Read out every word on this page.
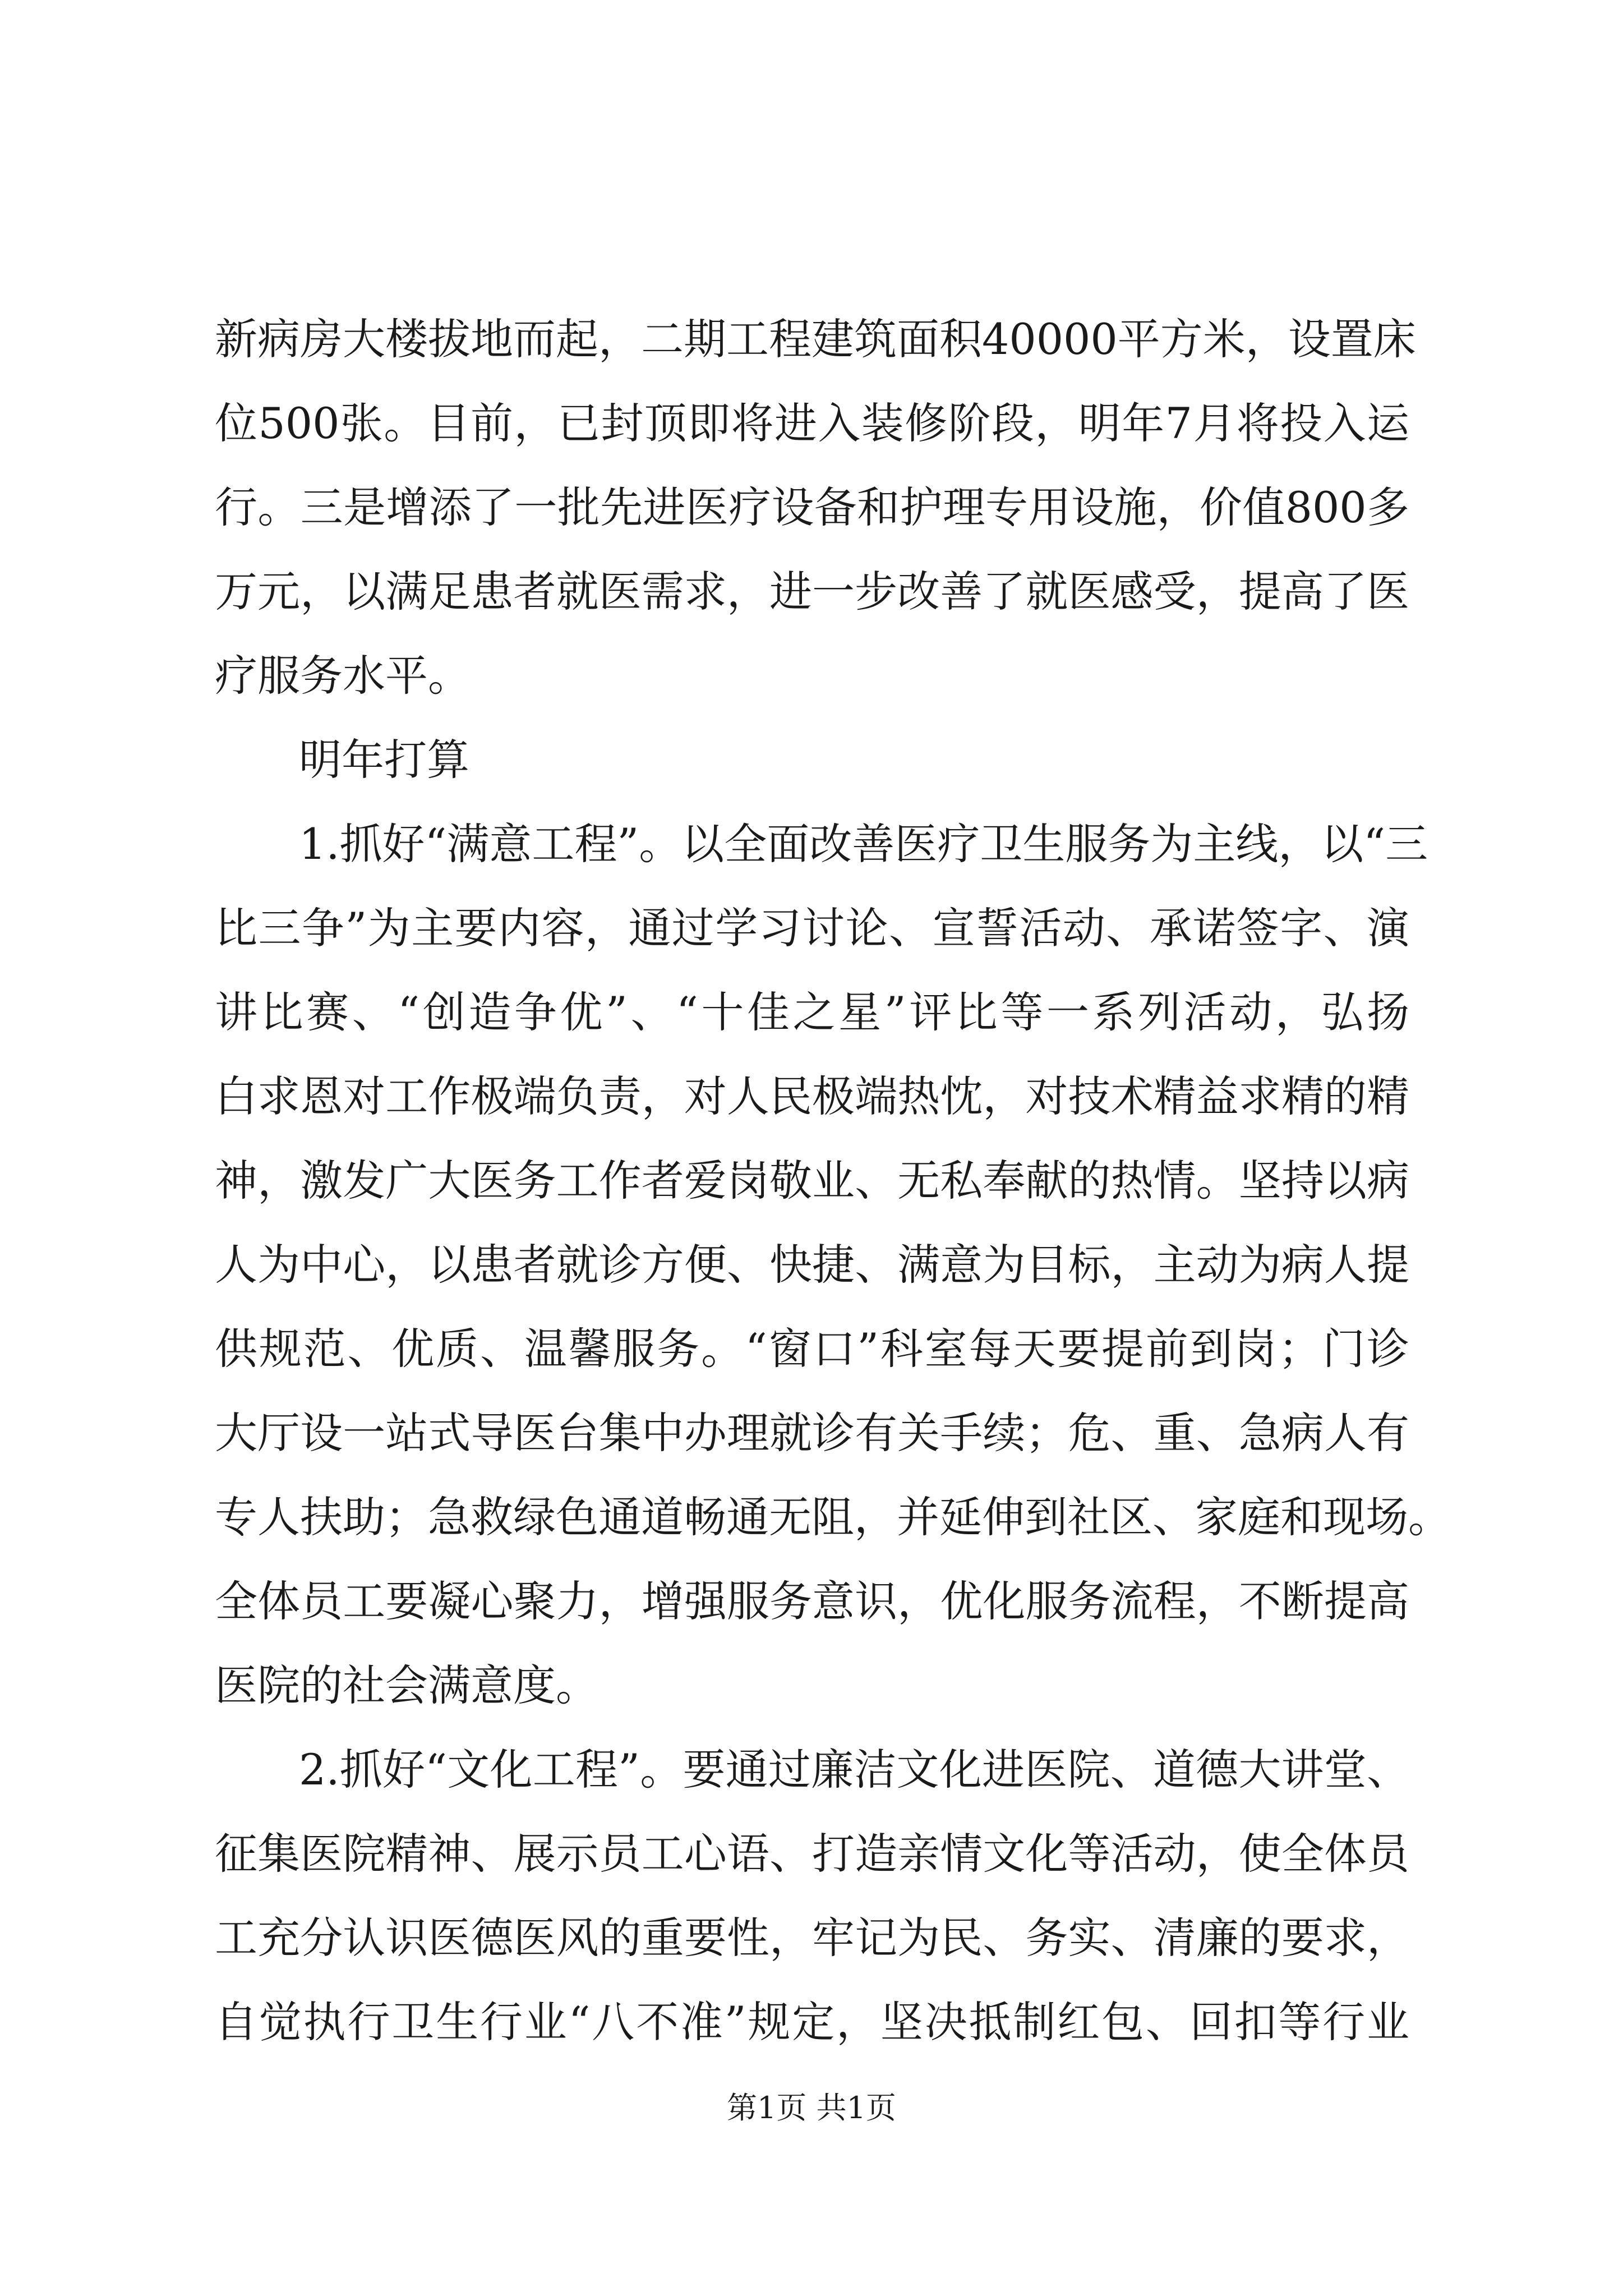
新病房大楼拔地而起，二期工程建筑面积40000平方米，设置床
位500张。目前，已封顶即将进入装修阶段，明年7月将投入运
行。三是增添了一批先进医疗设备和护理专用设施，价值800多
万元，以满足患者就医需求，进一步改善了就医感受，提高了医
疗服务水平。
明年打算
1.抓好“满意工程”。以全面改善医疗卫生服务为主线，以“三
比三争”为主要内容，通过学习讨论、宣誓活动、承诺签字、演
讲比赛、“创造争优”、“十佳之星”评比等一系列活动，弘扬
白求恩对工作极端负责，对人民极端热忱，对技术精益求精的精
神，激发广大医务工作者爱岗敬业、无私奉献的热情。坚持以病
人为中心，以患者就诊方便、快捷、满意为目标，主动为病人提
供规范、优质、温馨服务。“窗口”科室每天要提前到岗；门诊
大厅设一站式导医台集中办理就诊有关手续；危、重、急病人有
专人扶助；急救绿色通道畅通无阻，并延伸到社区、家庭和现场。
全体员工要凝心聚力，增强服务意识，优化服务流程，不断提高
医院的社会满意度。
2.抓好“文化工程”。要通过廉洁文化进医院、道德大讲堂、
征集医院精神、展示员工心语、打造亲情文化等活动，使全体员
工充分认识医德医风的重要性，牢记为民、务实、清廉的要求，
自觉执行卫生行业“八不准”规定，坚决抵制红包、回扣等行业
第1页 共1页
